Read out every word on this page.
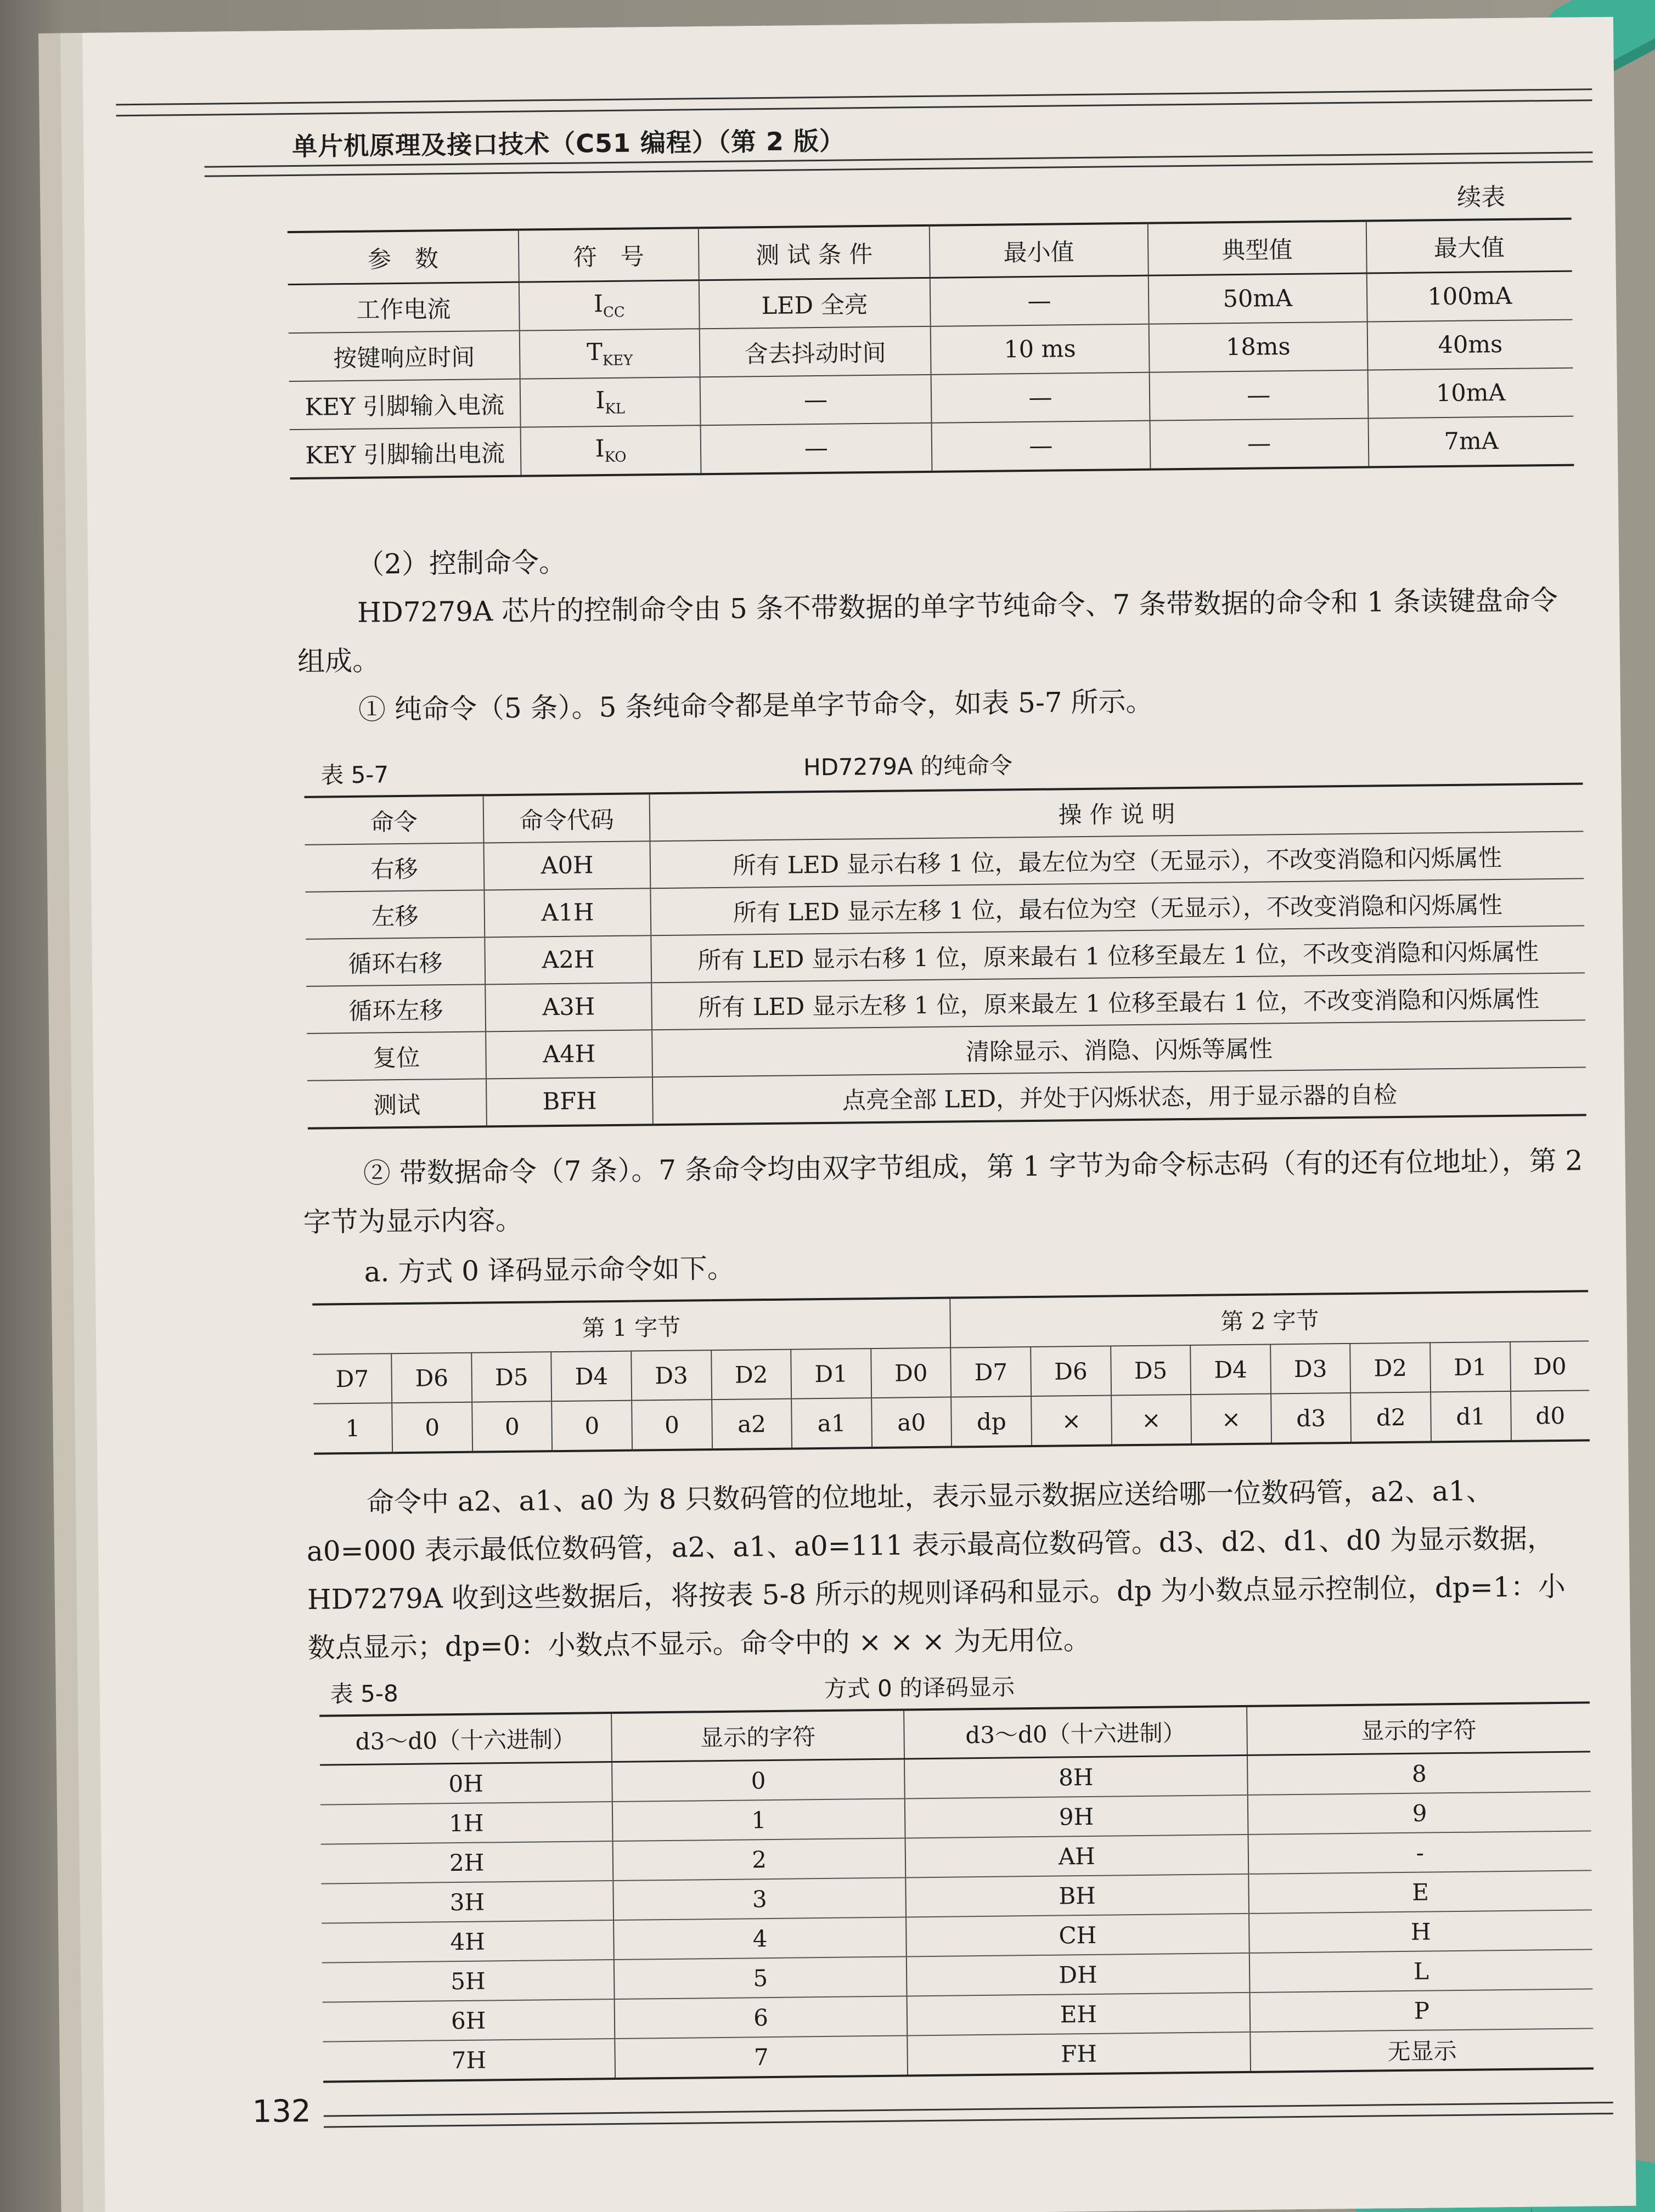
单片机原理及接口技术（C51 编程）（第 2 版）
续表
参　数	符　号	测 试 条 件	最小值	典型值	最大值
工作电流	$I_{CC}$	LED 全亮	—	50mA	100mA
按键响应时间	$T_{KEY}$	含去抖动时间	10 ms	18ms	40ms
KEY 引脚输入电流	$I_{KL}$	—	—	—	10mA
KEY 引脚输出电流	$I_{KO}$	—	—	—	7mA
（2）控制命令。
HD7279A 芯片的控制命令由 5 条不带数据的单字节纯命令、7 条带数据的命令和 1 条读键盘命令组成。
① 纯命令（5 条）。5 条纯命令都是单字节命令，如表 5-7 所示。
表 5-7	HD7279A 的纯命令
命令	命令代码	操 作 说 明
右移	A0H	所有 LED 显示右移 1 位，最左位为空（无显示），不改变消隐和闪烁属性
左移	A1H	所有 LED 显示左移 1 位，最右位为空（无显示），不改变消隐和闪烁属性
循环右移	A2H	所有 LED 显示右移 1 位，原来最右 1 位移至最左 1 位，不改变消隐和闪烁属性
循环左移	A3H	所有 LED 显示左移 1 位，原来最左 1 位移至最右 1 位，不改变消隐和闪烁属性
复位	A4H	清除显示、消隐、闪烁等属性
测试	BFH	点亮全部 LED，并处于闪烁状态，用于显示器的自检
② 带数据命令（7 条）。7 条命令均由双字节组成，第 1 字节为命令标志码（有的还有位地址），第 2 字节为显示内容。
a. 方式 0 译码显示命令如下。
第 1 字节								第 2 字节							
D7	D6	D5	D4	D3	D2	D1	D0	D7	D6	D5	D4	D3	D2	D1	D0
1	0	0	0	0	a2	a1	a0	dp	×	×	×	d3	d2	d1	d0
命令中 a2、a1、a0 为 8 只数码管的位地址，表示显示数据应送给哪一位数码管，a2、a1、a0=000 表示最低位数码管，a2、a1、a0=111 表示最高位数码管。d3、d2、d1、d0 为显示数据，HD7279A 收到这些数据后，将按表 5-8 所示的规则译码和显示。dp 为小数点显示控制位，dp=1：小数点显示；dp=0：小数点不显示。命令中的 × × × 为无用位。
表 5-8	方式 0 的译码显示
d3～d0（十六进制）	显示的字符	d3～d0（十六进制）	显示的字符
0H	0	8H	8
1H	1	9H	9
2H	2	AH	-
3H	3	BH	E
4H	4	CH	H
5H	5	DH	L
6H	6	EH	P
7H	7	FH	无显示
132
